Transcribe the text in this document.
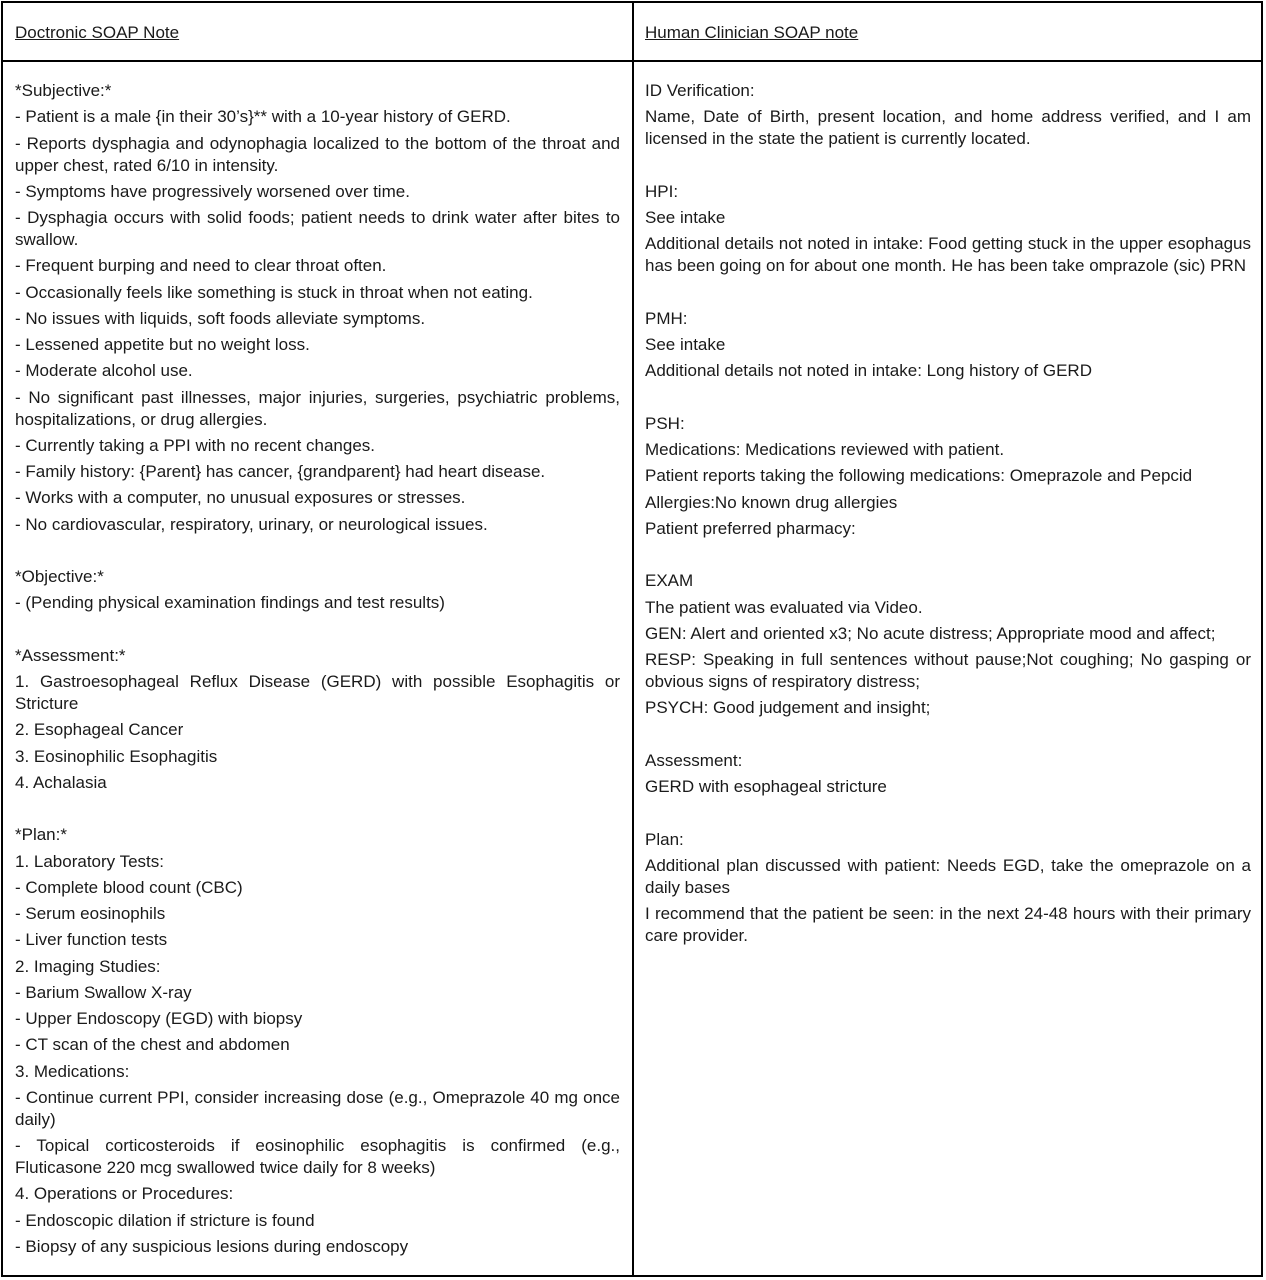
Doctronic SOAP Note	Human Clinician SOAP note
*Subjective:*
- Patient is a male {in their 30’s}** with a 10-year history of GERD.
- Reports dysphagia and odynophagia localized to the bottom of the throat and upper chest, rated 6/10 in intensity.
- Symptoms have progressively worsened over time.
- Dysphagia occurs with solid foods; patient needs to drink water after bites to swallow.
- Frequent burping and need to clear throat often.
- Occasionally feels like something is stuck in throat when not eating.
- No issues with liquids, soft foods alleviate symptoms.
- Lessened appetite but no weight loss.
- Moderate alcohol use.
- No significant past illnesses, major injuries, surgeries, psychiatric problems, hospitalizations, or drug allergies.
- Currently taking a PPI with no recent changes.
- Family history: {Parent} has cancer, {grandparent} had heart disease.
- Works with a computer, no unusual exposures or stresses.
- No cardiovascular, respiratory, urinary, or neurological issues.
*Objective:*
- (Pending physical examination findings and test results)
*Assessment:*
1. Gastroesophageal Reflux Disease (GERD) with possible Esophagitis or Stricture
2. Esophageal Cancer
3. Eosinophilic Esophagitis
4. Achalasia
*Plan:*
1. Laboratory Tests:
- Complete blood count (CBC)
- Serum eosinophils
- Liver function tests
2. Imaging Studies:
- Barium Swallow X-ray
- Upper Endoscopy (EGD) with biopsy
- CT scan of the chest and abdomen
3. Medications:
- Continue current PPI, consider increasing dose (e.g., Omeprazole 40 mg once daily)
- Topical corticosteroids if eosinophilic esophagitis is confirmed (e.g., Fluticasone 220 mcg swallowed twice daily for 8 weeks)
4. Operations or Procedures:
- Endoscopic dilation if stricture is found
- Biopsy of any suspicious lesions during endoscopy
ID Verification:
Name, Date of Birth, present location, and home address verified, and I am licensed in the state the patient is currently located.
HPI:
See intake
Additional details not noted in intake: Food getting stuck in the upper esophagus has been going on for about one month. He has been take omprazole (sic) PRN
PMH:
See intake
Additional details not noted in intake: Long history of GERD
PSH:
Medications: Medications reviewed with patient.
Patient reports taking the following medications: Omeprazole and Pepcid
Allergies:No known drug allergies
Patient preferred pharmacy:
EXAM
The patient was evaluated via Video.
GEN: Alert and oriented x3; No acute distress; Appropriate mood and affect;
RESP: Speaking in full sentences without pause;Not coughing; No gasping or obvious signs of respiratory distress;
PSYCH: Good judgement and insight;
Assessment:
GERD with esophageal stricture
Plan:
Additional plan discussed with patient: Needs EGD, take the omeprazole on a daily bases
I recommend that the patient be seen: in the next 24-48 hours with their primary care provider.
